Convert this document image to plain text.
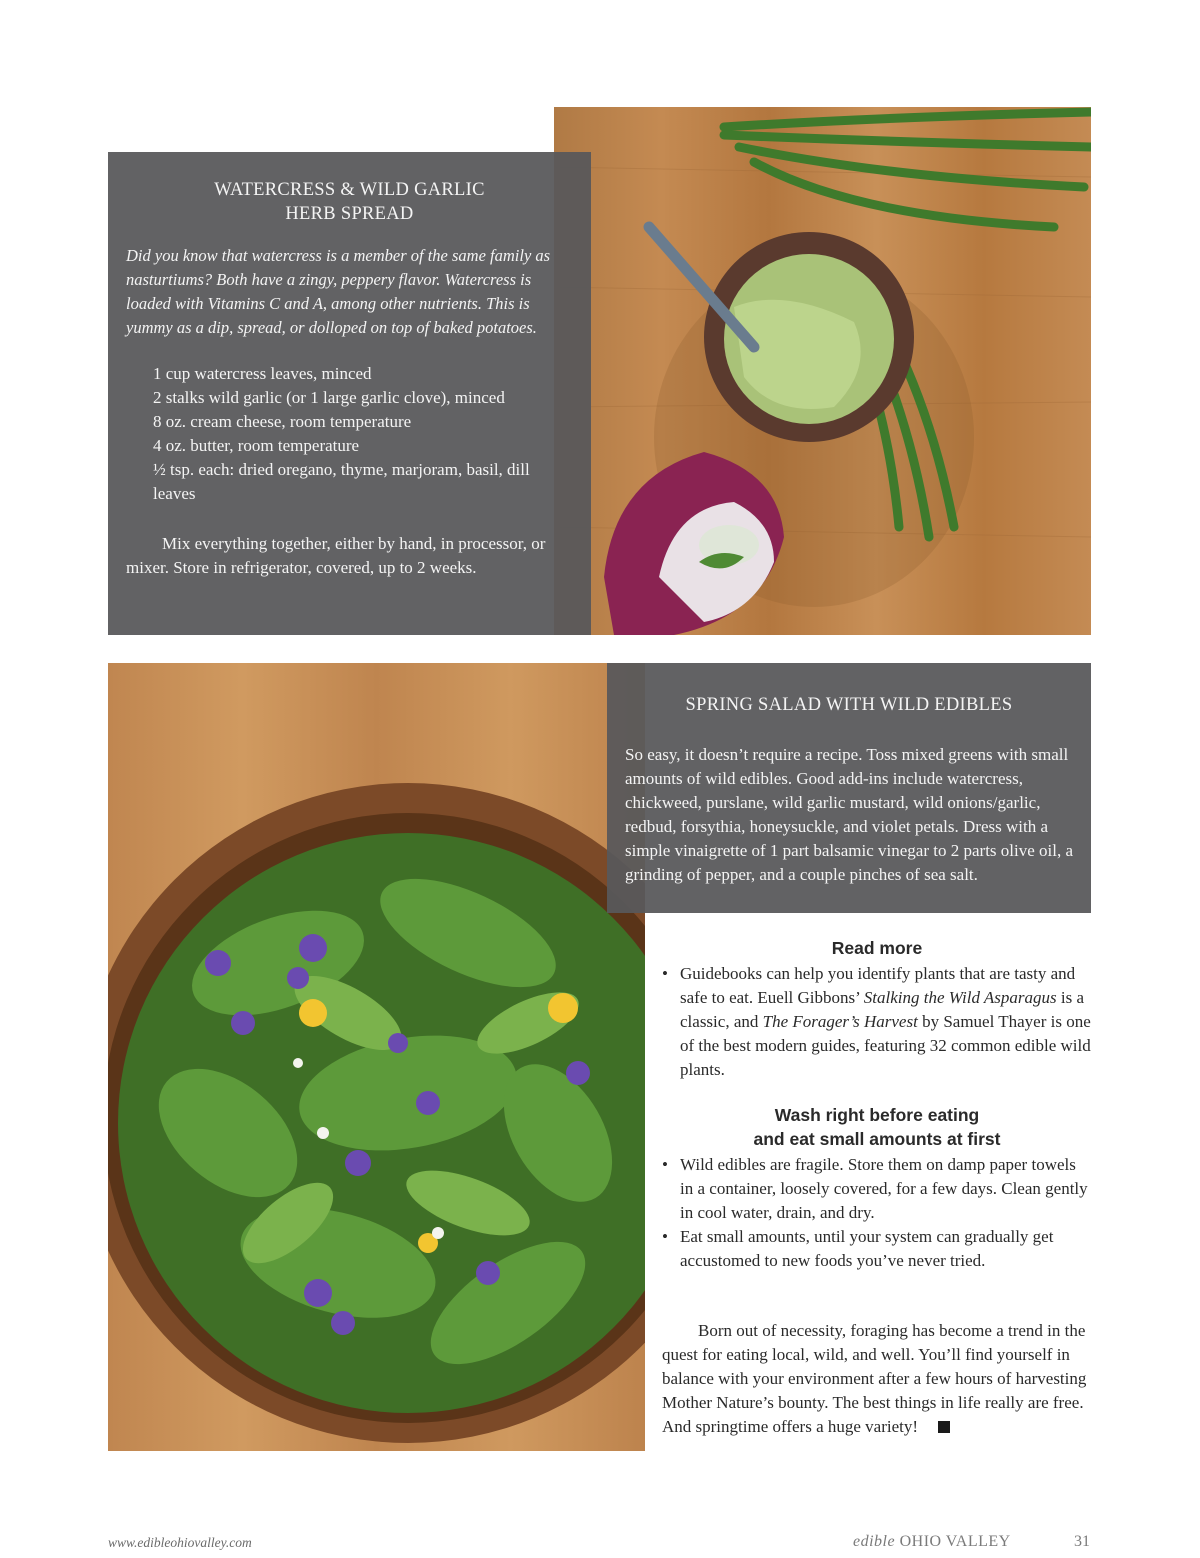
WATERCRESS & WILD GARLIC
HERB SPREAD

Did you know that watercress is a member of the same family as nasturtiums? Both have a zingy, peppery flavor. Watercress is loaded with Vitamins C and A, among other nutrients. This is yummy as a dip, spread, or dolloped on top of baked potatoes.

1 cup watercress leaves, minced
2 stalks wild garlic (or 1 large garlic clove), minced
8 oz. cream cheese, room temperature
4 oz. butter, room temperature
½ tsp. each: dried oregano, thyme, marjoram, basil, dill leaves

Mix everything together, either by hand, in processor, or mixer. Store in refrigerator, covered, up to 2 weeks.

SPRING SALAD WITH WILD EDIBLES

So easy, it doesn’t require a recipe. Toss mixed greens with small amounts of wild edibles. Good add-ins include watercress, chickweed, purslane, wild garlic mustard, wild onions/garlic, redbud, forsythia, honeysuckle, and violet petals. Dress with a simple vinaigrette of 1 part balsamic vinegar to 2 parts olive oil, a grinding of pepper, and a couple pinches of sea salt.

Read more

• Guidebooks can help you identify plants that are tasty and safe to eat. Euell Gibbons’ Stalking the Wild Asparagus is a classic, and The Forager’s Harvest by Samuel Thayer is one of the best modern guides, featuring 32 common edible wild plants.

Wash right before eating
and eat small amounts at first

• Wild edibles are fragile. Store them on damp paper towels in a container, loosely covered, for a few days. Clean gently in cool water, drain, and dry.
• Eat small amounts, until your system can gradually get accustomed to new foods you’ve never tried.

Born out of necessity, foraging has become a trend in the quest for eating local, wild, and well. You’ll find yourself in balance with your environment after a few hours of harvesting Mother Nature’s bounty. The best things in life really are free. And springtime offers a huge variety!

www.edibleohiovalley.com	edible OHIO VALLEY	31
